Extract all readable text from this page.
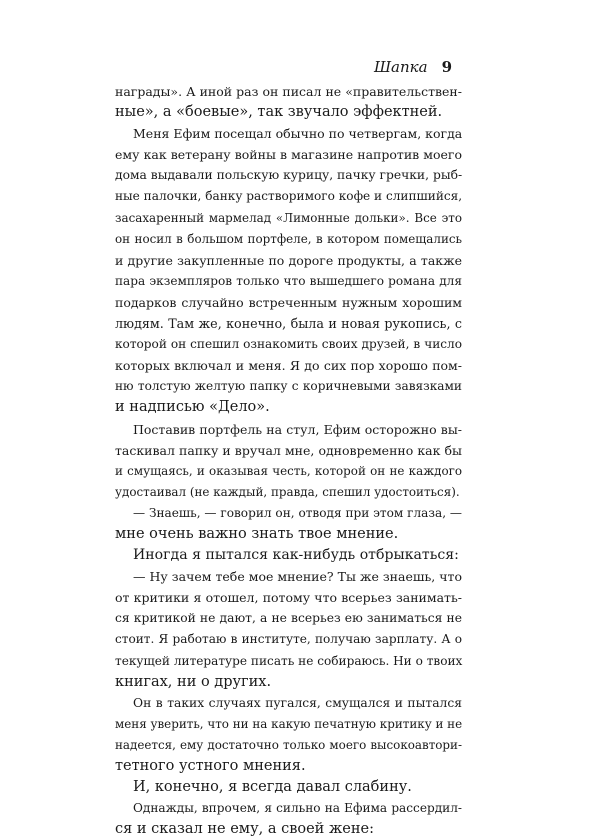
Шапка 9
награды». А иной раз он писал не «правительствен-
ные», а «боевые», так звучало эффектней.
Меня Ефим посещал обычно по четвергам, когда
ему как ветерану войны в магазине напротив моего
дома выдавали польскую курицу, пачку гречки, рыб-
ные палочки, банку растворимого кофе и слипшийся,
засахаренный мармелад «Лимонные дольки». Все это
он носил в большом портфеле, в котором помещались
и другие закупленные по дороге продукты, а также
пара экземпляров только что вышедшего романа для
подарков случайно встреченным нужным хорошим
людям. Там же, конечно, была и новая рукопись, с
которой он спешил ознакомить своих друзей, в число
которых включал и меня. Я до сих пор хорошо пом-
ню толстую желтую папку с коричневыми завязками
и надписью «Дело».
Поставив портфель на стул, Ефим осторожно вы-
таскивал папку и вручал мне, одновременно как бы
и смущаясь, и оказывая честь, которой он не каждого
удостаивал (не каждый, правда, спешил удостоиться).
— Знаешь, — говорил он, отводя при этом глаза, —
мне очень важно знать твое мнение.
Иногда я пытался как-нибудь отбрыкаться:
— Ну зачем тебе мое мнение? Ты же знаешь, что
от критики я отошел, потому что всерьез занимать-
ся критикой не дают, а не всерьез ею заниматься не
стоит. Я работаю в институте, получаю зарплату. А о
текущей литературе писать не собираюсь. Ни о твоих
книгах, ни о других.
Он в таких случаях пугался, смущался и пытался
меня уверить, что ни на какую печатную критику и не
надеется, ему достаточно только моего высокоавтори-
тетного устного мнения.
И, конечно, я всегда давал слабину.
Однажды, впрочем, я сильно на Ефима рассердил-
ся и сказал не ему, а своей жене:
